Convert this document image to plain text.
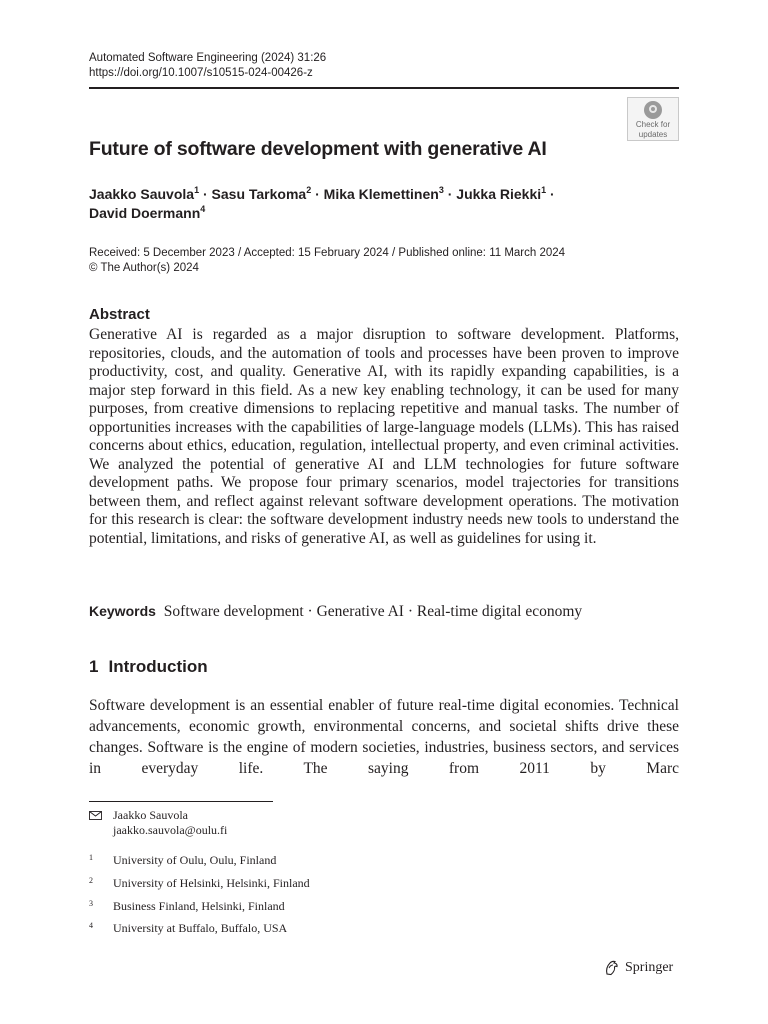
Automated Software Engineering (2024) 31:26
https://doi.org/10.1007/s10515-024-00426-z
Check for
updates
Future of software development with generative AI
Jaakko Sauvola$^1$ · Sasu Tarkoma$^2$ · Mika Klemettinen$^3$ · Jukka Riekki$^1$ ·
David Doermann$^4$
Received: 5 December 2023 / Accepted: 15 February 2024 / Published online: 11 March 2024
© The Author(s) 2024
Abstract
Generative AI is regarded as a major disruption to software development. Platforms, repositories, clouds, and the automation of tools and processes have been proven to improve productivity, cost, and quality. Generative AI, with its rapidly expanding capabilities, is a major step forward in this field. As a new key enabling technology, it can be used for many purposes, from creative dimensions to replacing repetitive and manual tasks. The number of opportunities increases with the capabilities of large-language models (LLMs). This has raised concerns about ethics, education, regulation, intellectual property, and even criminal activities. We analyzed the potential of generative AI and LLM technologies for future software development paths. We propose four primary scenarios, model trajectories for transitions between them, and reflect against relevant software development operations. The motivation for this research is clear: the software development industry needs new tools to understand the potential, limitations, and risks of generative AI, as well as guidelines for using it.
Keywords Software development · Generative AI · Real-time digital economy
1 Introduction
Software development is an essential enabler of future real-time digital economies. Technical advancements, economic growth, environmental concerns, and societal shifts drive these changes. Software is the engine of modern societies, industries, business sectors, and services in everyday life. The saying from 2011 by Marc
Jaakko Sauvola
jaakko.sauvola@oulu.fi
1 University of Oulu, Oulu, Finland
2 University of Helsinki, Helsinki, Finland
3 Business Finland, Helsinki, Finland
4 University at Buffalo, Buffalo, USA
Springer
